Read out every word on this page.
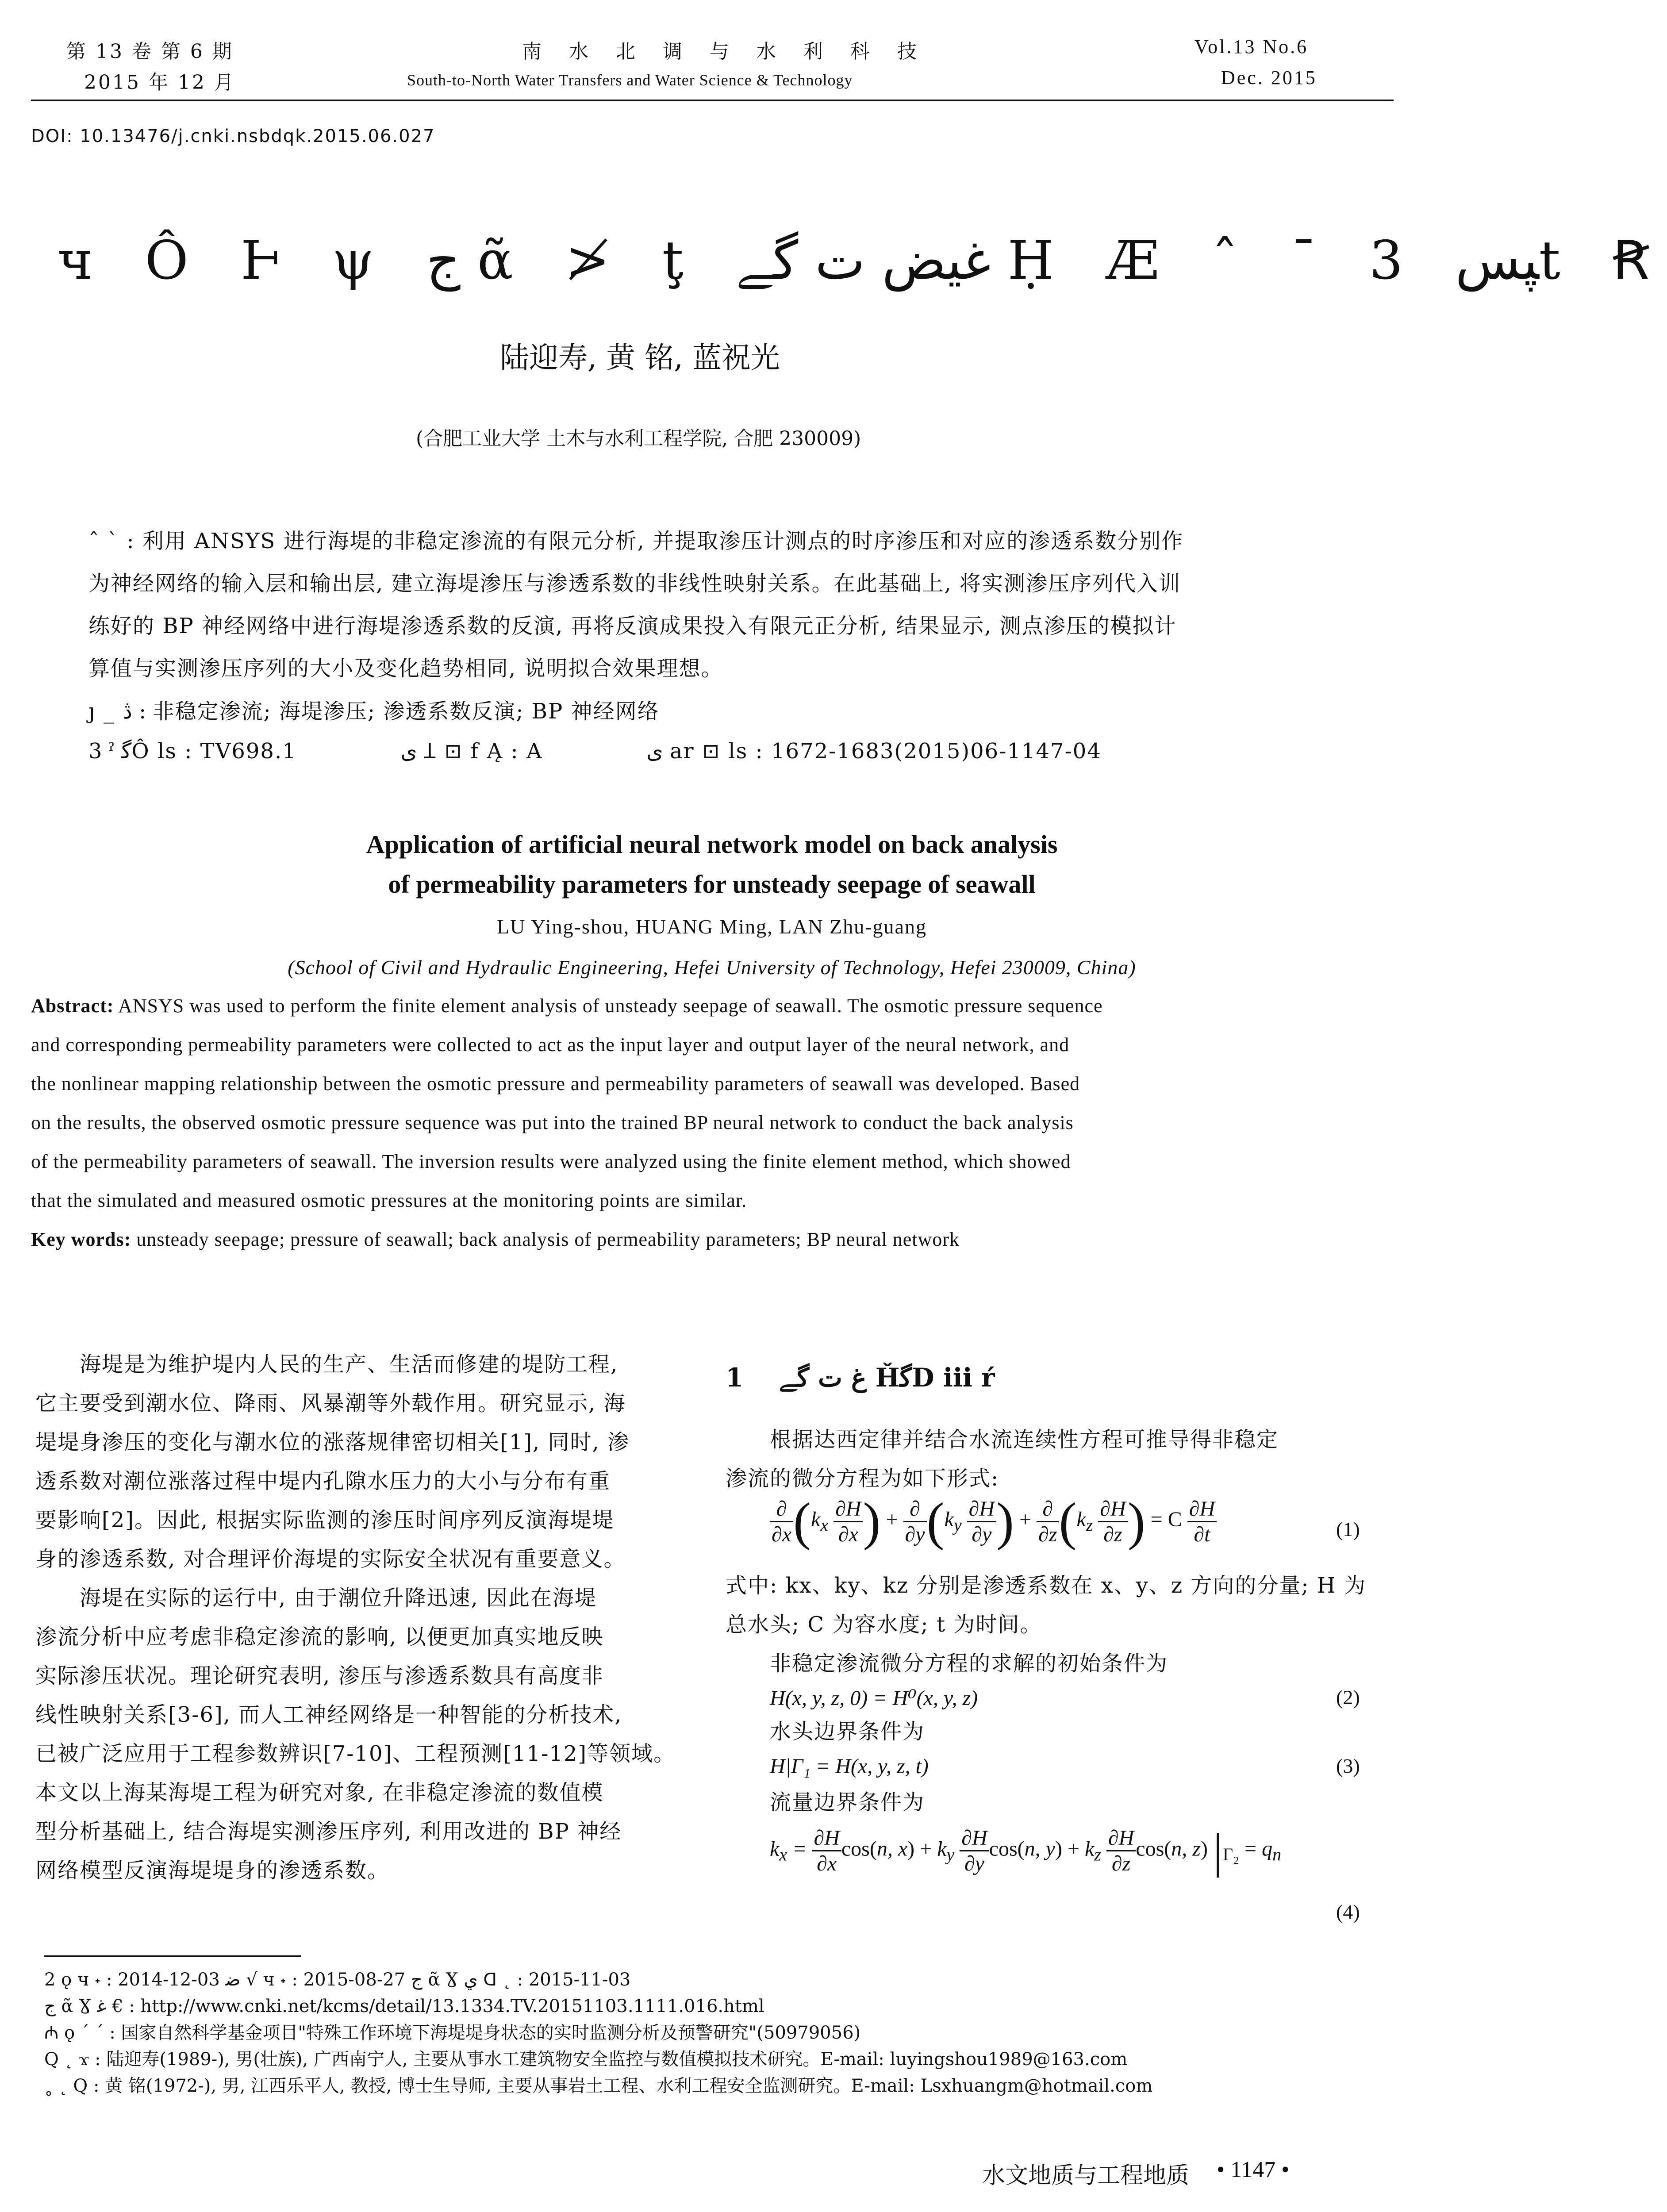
第 13 卷 第 6 期
2015 年 12 月
南 水 北 调 与 水 利 科 技
South-to-North Water Transfers and Water Science & Technology
Vol.13 No.6
Dec. 2015
DOI: 10.13476/j.cnki.nsbdqk.2015.06.027
ч Ô Ͱ ψ ج ᾶ ≯ ţ ﻏﯿﺾ ت ﮔﮯ Ḥ Æ ˆ ¯ 3 ﭙﺲt Ꞧ
陆迎寿, 黄 铭, 蓝祝光
(合肥工业大学 土木与水利工程学院, 合肥 230009)
ˆ ˋ : 利用 ANSYS 进行海堤的非稳定渗流的有限元分析, 并提取渗压计测点的时序渗压和对应的渗透系数分别作
为神经网络的输入层和输出层, 建立海堤渗压与渗透系数的非线性映射关系。在此基础上, 将实测渗压序列代入训
练好的 BP 神经网络中进行海堤渗透系数的反演, 再将反演成果投入有限元正分析, 结果显示, 测点渗压的模拟计
算值与实测渗压序列的大小及变化趋势相同, 说明拟合效果理想。
ȷ _ ﮆ : 非稳定渗流; 海堤渗压; 渗透系数反演; BP 神经网络
3 ˀ ﮔÔ ls : TV698.1	ى Ʇ ⊡ f Ą : A	ى ar ⊡ ls : 1672-1683(2015)06-1147-04
Application of artificial neural network model on back analysis
of permeability parameters for unsteady seepage of seawall
LU Ying-shou, HUANG Ming, LAN Zhu-guang
(School of Civil and Hydraulic Engineering, Hefei University of Technology, Hefei 230009, China)
Abstract: ANSYS was used to perform the finite element analysis of unsteady seepage of seawall. The osmotic pressure sequence
and corresponding permeability parameters were collected to act as the input layer and output layer of the neural network, and
the nonlinear mapping relationship between the osmotic pressure and permeability parameters of seawall was developed. Based
on the results, the observed osmotic pressure sequence was put into the trained BP neural network to conduct the back analysis
of the permeability parameters of seawall. The inversion results were analyzed using the finite element method, which showed
that the simulated and measured osmotic pressures at the monitoring points are similar.
Key words: unsteady seepage; pressure of seawall; back analysis of permeability parameters; BP neural network
海堤是为维护堤内人民的生产、生活而修建的堤防工程,
它主要受到潮水位、降雨、风暴潮等外载作用。研究显示, 海
堤堤身渗压的变化与潮水位的涨落规律密切相关[1], 同时, 渗
透系数对潮位涨落过程中堤内孔隙水压力的大小与分布有重
要影响[2]。因此, 根据实际监测的渗压时间序列反演海堤堤
身的渗透系数, 对合理评价海堤的实际安全状况有重要意义。
海堤在实际的运行中, 由于潮位升降迅速, 因此在海堤
渗流分析中应考虑非稳定渗流的影响, 以便更加真实地反映
实际渗压状况。理论研究表明, 渗压与渗透系数具有高度非
线性映射关系[3-6], 而人工神经网络是一种智能的分析技术,
已被广泛应用于工程参数辨识[7-10]、工程预测[11-12]等领域。
本文以上海某海堤工程为研究对象, 在非稳定渗流的数值模
型分析基础上, 结合海堤实测渗压序列, 利用改进的 BP 神经
网络模型反演海堤堤身的渗透系数。
1 غ ت ﮔﮯ ȞﮔD iii ŕ
根据达西定律并结合水流连续性方程可推导得非稳定
渗流的微分方程为如下形式:
$\frac{\partial}{\partial x} (k_x \frac{\partial H}{\partial x}$ ) + $\frac{\partial}{\partial y} (k_y \frac{\partial H}{\partial y}$ ) + $\frac{\partial}{\partial z} (k_z \frac{\partial H}{\partial z}$ ) = C $\frac{\partial H}{\partial t}$	(1)
式中: kx、ky、kz 分别是渗透系数在 x、y、z 方向的分量; H 为
总水头; C 为容水度; t 为时间。
非稳定渗流微分方程的求解的初始条件为
H(x, y, z, 0) = H⁰(x, y, z)	(2)
水头边界条件为
H|Γ₁ = H(x, y, z, t)	(3)
流量边界条件为
$k_x = \frac{\partial H}{\partial x} \cos(n$, $x) + k_y \frac{\partial H}{\partial y} \cos(n$, $y) + k_z \frac{\partial H}{\partial z} \cos(n$, z) $|_{\Gamma_2} = q_n$
(4)
2 ǫ ч ˖ : 2014-12-03 ﺿ √ ч ˖ : 2015-08-27 ج ᾶ Ɣ ي ᗡ ˛ : 2015-11-03
ج ᾶ Ɣ ﻏ € : http://www.cnki.net/kcms/detail/13.1334.TV.20151103.1111.016.html
₼ ǫ ˊ ˊ : 国家自然科学基金项目"特殊工作环境下海堤堤身状态的实时监测分析及预警研究"(50979056)
Q ˛ ϫ : 陆迎寿(1989-), 男(壮族), 广西南宁人, 主要从事水工建筑物安全监控与数值模拟技术研究。E-mail: luyingshou1989@163.com
˳ ˛ Q : 黄 铭(1972-), 男, 江西乐平人, 教授, 博士生导师, 主要从事岩土工程、水利工程安全监测研究。E-mail: Lsxhuangm@hotmail.com
水文地质与工程地质 • 1147 •
